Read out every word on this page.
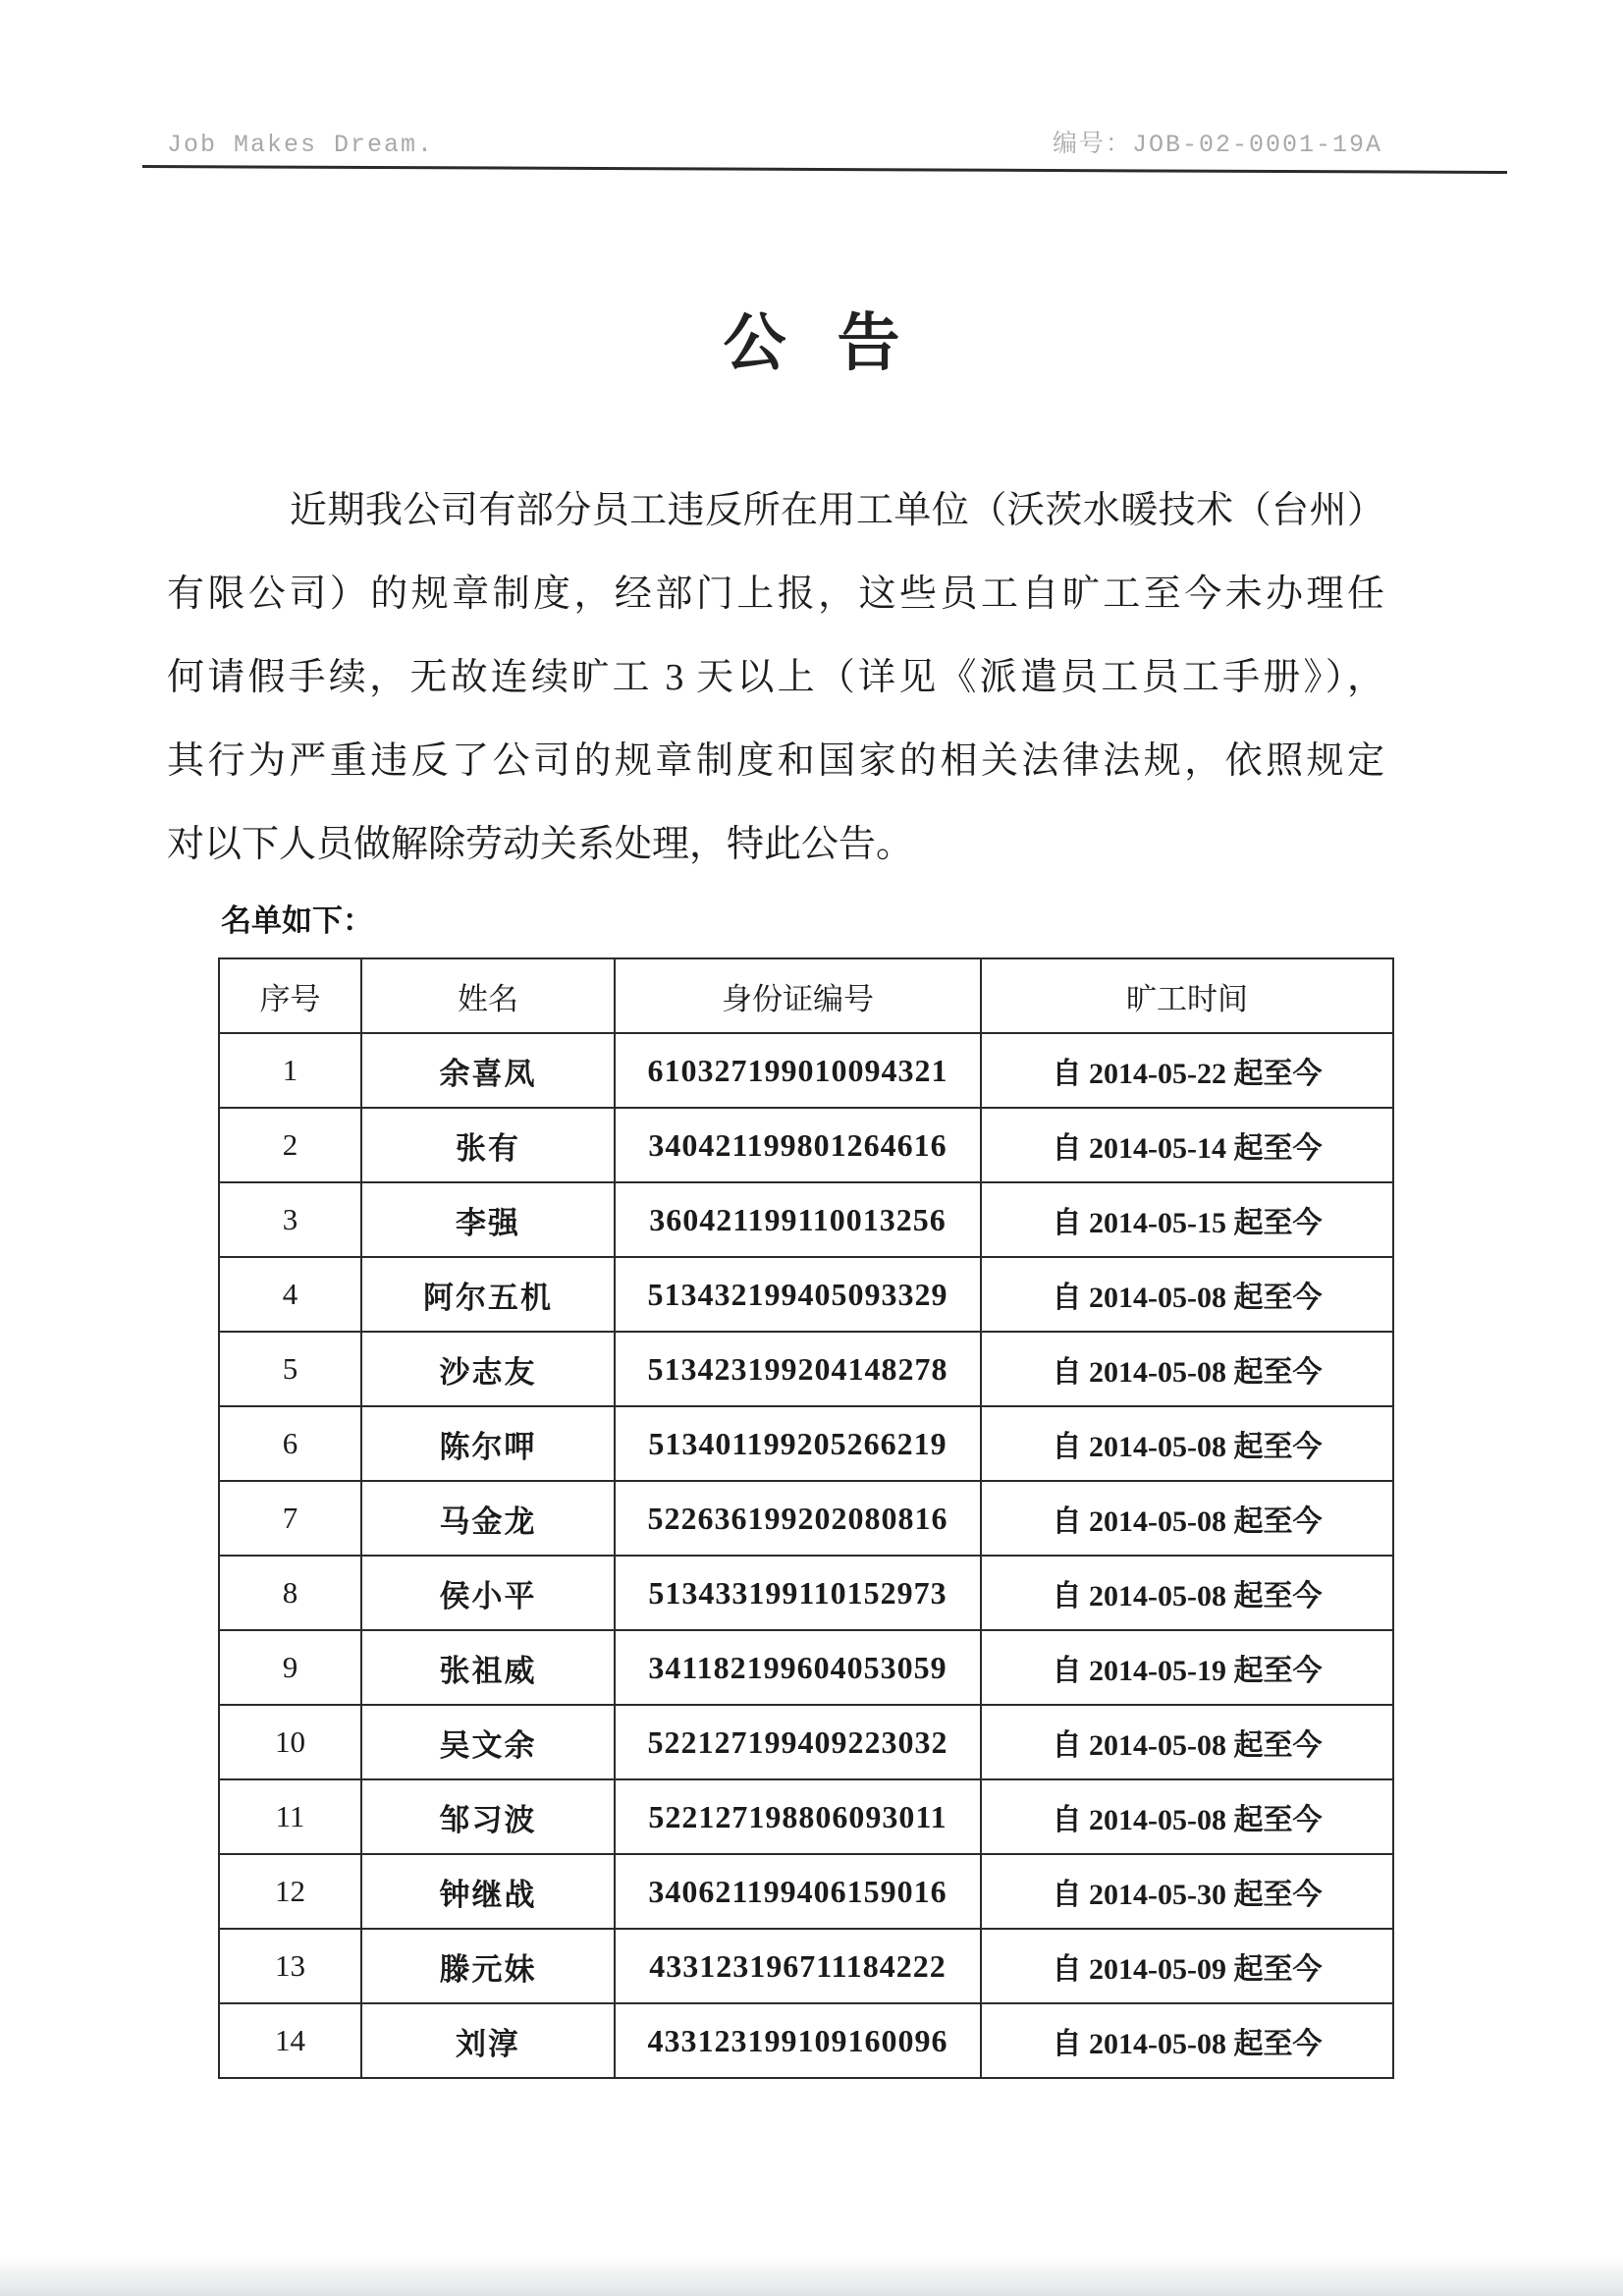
Job Makes Dream.	编号：JOB-02-0001-19A
公 告
近期我公司有部分员工违反所在用工单位（沃茨水暖技术（台州）
有限公司）的规章制度，经部门上报，这些员工自旷工至今未办理任
何请假手续，无故连续旷工 3 天以上（详见《派遣员工员工手册》），
其行为严重违反了公司的规章制度和国家的相关法律法规，依照规定
对以下人员做解除劳动关系处理，特此公告。
名单如下：
序号	姓名	身份证编号	旷工时间
1	余喜凤	610327199010094321	自 2014-05-22 起至今
2	张有	340421199801264616	自 2014-05-14 起至今
3	李强	360421199110013256	自 2014-05-15 起至今
4	阿尔五机	513432199405093329	自 2014-05-08 起至今
5	沙志友	513423199204148278	自 2014-05-08 起至今
6	陈尔呷	513401199205266219	自 2014-05-08 起至今
7	马金龙	522636199202080816	自 2014-05-08 起至今
8	侯小平	513433199110152973	自 2014-05-08 起至今
9	张祖威	341182199604053059	自 2014-05-19 起至今
10	吴文余	522127199409223032	自 2014-05-08 起至今
11	邹习波	522127198806093011	自 2014-05-08 起至今
12	钟继战	340621199406159016	自 2014-05-30 起至今
13	滕元妹	433123196711184222	自 2014-05-09 起至今
14	刘淳	433123199109160096	自 2014-05-08 起至今
